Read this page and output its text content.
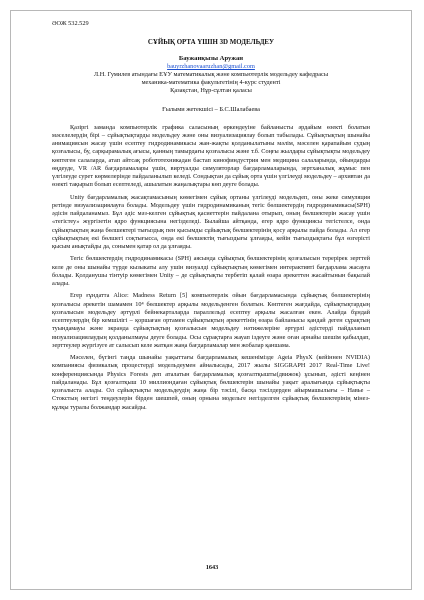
ӘОЖ 532.529

СҰЙЫҚ ОРТА ҮШІН 3D МОДЕЛЬДЕУ

Баужанқызы Аружан

bauyrzhanovaaruzhan@gmail.com

Л.Н. Гумилев атындағы ЕҰУ математикалық және компьютерлік модельдеу кафедрасы

механика-математика факультетінің 4-курс студенті

Қазақстан, Нұр-сұлтан қаласы

Ғылыми жетекшісі – Б.С.Шалабаева

Қазіргі заманда компьютерлік графика саласының өркендеуіне байланысты әрдайым өзекті болатын мәселелердің бірі – сұйықтықтарды модельдеу және оны визуализациялау болып табылады. Сұйықтықтың шынайы анимациясын жасау үшін есептеу гидродинамикасы жан-жақты қолданылатыны мәлім, мәселен қарапайым судың қозғалысы, бу, сарқырамалық ағысы, қанның тамырдағы қозғалысы және т.б. Соңғы жылдары сұйықтықты модельдеу көптеген салаларда, атап айтсақ робототехникадан бастап кинофиндустрия мен медицина салаларында, ойындарды өңдеуде, VR /AR бағдарламалары үшін, виртуалды симуляторлар бағдарламаларында, зертханалық жұмыс пен үлгілеуде сурет көрмелерінде пайдаланылып келеді. Сондықтан да сұйық орта үшін үлгілеуді модельдеу – архивтан да өзекті тақырып болып есептеледі, ашылатын жаңалықтары көп деуге болады.

Unity бағдарламалық жасақтамасының көмегімен сұйық ортаны үлгілеуді модельдеп, оны жеке симуляция ретінде визуализациялауға болады. Модельдеу үшін гидродинамиканың тегіс бөлшектердің гидродинамикасы(SPH) әдісін пайдаланамыз. Бұл әдіс мәз-келген сұйықтық қасиеттерін пайдалана отырып, оның бөлшектерін жасау үшін «тегістеу» жүргізетін ядро функциясына негізделеді. Былайша айтқанда, егер ядро функциясы тегістелсе, онда сұйықтықтың жаңа бөлшектері тығыздық пен қысымды сұйықтық бөлшектерінің қосу арқылы пайда болады. Ал егер сұйықтықтың екі бөлшегі соқтығысса, онда екі бөлшектің тығыздығы ұлғаяды, кейін тығыздықтағы бұл өзгерісті қысым анықтайды да, сонымен қатар ол да ұлғаяды.

Тегіс бөлшектердің гидродинамикасы (SPH) аясында сұйықтық бөлшектерінің қозғалысын терерірек зерттей келе де оны шынайы түрде кызыкаты алу ушін визуалді сұйықтықтың көмегімен интерактивті бағдарлама жасауға болады. Қолданушы тінтуір көмегімен Unity – де сұйықтықты тербетіп қалай өзара әрекеттен жасайтынын бақылай алады.

Егер ғұндатта Alice: Madness Return [5] компьютерлік ойын бағдарламасында сұйықтық бөлшектерінің қозғалысы әрекетін шамамен 10⁴ бөлшектер арқылы модельденген болатын. Көптеген жағдайда, сұйықтықтардың қозғалысын модельдеу әртүрлі бейнекарталарда параллельді есептеу арқылы жасалған екен. Алайда бұндай есептеулердің бір кемшілігі – қоршаған ортамен сұйықтықтың әрекеттінің өзара байланысы қандай деген сұрақтың туындамауы және экранда сұйықтықтың қозғалысын модельдеу нәтижелеріне әртүрлі әдістерді пайдаланып визуализациялаудың қолданылмауы деуге болады. Осы сұрақтарға жауап іздеуге және оған арнайы шешім қабылдап, зерттеулер жүргізуге ат салысып келе жатқан жаңа бағдарламалар мен жобалар қаншама.

Мәселен, бүгінгі таңда шынайы уақыттағы бағдарламалық кешенімізде Ageia PhysX (кейіннен NVIDIA) компаниясы физикалық процестерді модельдеумен айналысады, 2017 жылы SIGGRAPH 2017 Real-Time Live! конференциясында Physics Forests деп аталатын бағдарламалық қозғалтқышты(движок) ұсынып, әдісті кеңінен пайдаланады. Бұл қозғалтқыш 10 миллиондаған сұйықтық бөлшектерін шынайы уақыт аралығында сұйықтықты қозғалыста алады. Ол сұйықтықты модельдеудің жаңа бір тәсілі, басқа тәсілдерден айырмашылығы – Навье – Стокстың негізгі теңдеулерін бірден шешпей, оның орнына модельге негізделген сұйықтық бөлшектерінің мінез-құлқы туралы болжамдар жасайды.

1643
